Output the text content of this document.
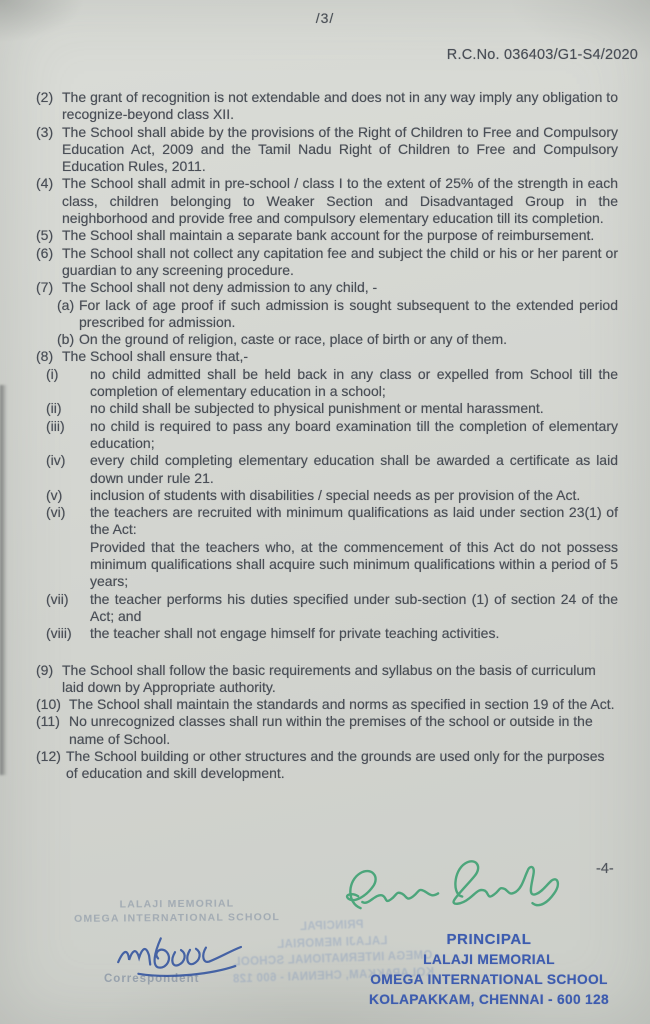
/3/
R.C.No. 036403/G1-S4/2020
(2) The grant of recognition is not extendable and does not in any way imply any obligation to recognize-beyond class XII.
(3) The School shall abide by the provisions of the Right of Children to Free and Compulsory Education Act, 2009 and the Tamil Nadu Right of Children to Free and Compulsory Education Rules, 2011.
(4) The School shall admit in pre-school / class I to the extent of 25% of the strength in each class, children belonging to Weaker Section and Disadvantaged Group in the neighborhood and provide free and compulsory elementary education till its completion.
(5) The School shall maintain a separate bank account for the purpose of reimbursement.
(6) The School shall not collect any capitation fee and subject the child or his or her parent or guardian to any screening procedure.
(7) The School shall not deny admission to any child, -
(a) For lack of age proof if such admission is sought subsequent to the extended period prescribed for admission.
(b) On the ground of religion, caste or race, place of birth or any of them.
(8) The School shall ensure that,-
(i)	no child admitted shall be held back in any class or expelled from School till the completion of elementary education in a school;
(ii)	no child shall be subjected to physical punishment or mental harassment.
(iii)	no child is required to pass any board examination till the completion of elementary education;
(iv)	every child completing elementary education shall be awarded a certificate as laid down under rule 21.
(v)	inclusion of students with disabilities / special needs as per provision of the Act.
(vi)	the teachers are recruited with minimum qualifications as laid under section 23(1) of the Act:
Provided that the teachers who, at the commencement of this Act do not possess minimum qualifications shall acquire such minimum qualifications within a period of 5 years;
(vii)	the teacher performs his duties specified under sub-section (1) of section 24 of the Act; and
(viii)	the teacher shall not engage himself for private teaching activities.
(9) The School shall follow the basic requirements and syllabus on the basis of curriculum laid down by Appropriate authority.
(10) The School shall maintain the standards and norms as specified in section 19 of the Act.
(11) No unrecognized classes shall run within the premises of the school or outside in the name of School.
(12) The School building or other structures and the grounds are used only for the purposes of education and skill development.
-4-
PRINCIPAL
LALAJI MEMORIAL
OMEGA INTERNATIONAL SCHOOL
KOLAPAKKAM, CHENNAI - 600 128
PRINCIPAL
LALAJI MEMORIAL
OMEGA INTERNATIONAL SCHOOL
KOLAPAKKAM, CHENNAI - 600 128
LALAJI MEMORIAL
OMEGA INTERNATIONAL SCHOOL
Correspondent
